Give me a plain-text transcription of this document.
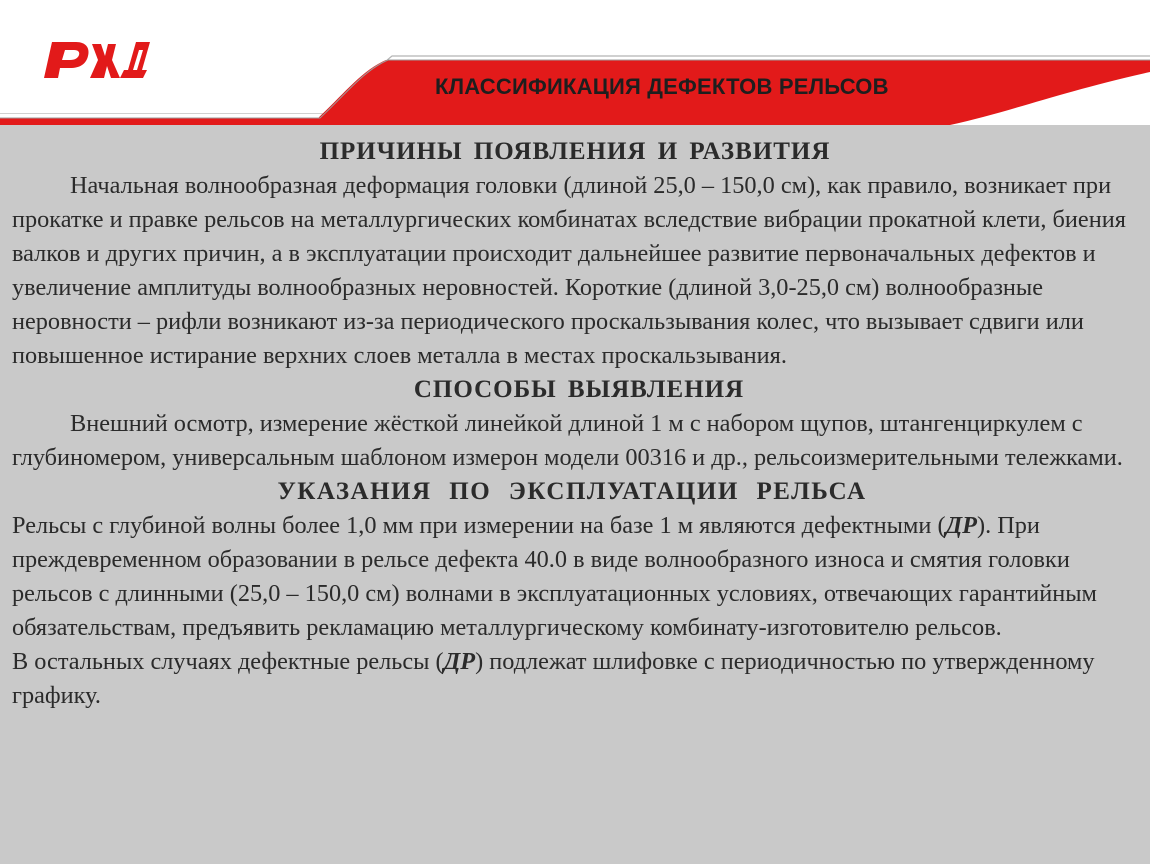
КЛАССИФИКАЦИЯ ДЕФЕКТОВ РЕЛЬСОВ
ПРИЧИНЫ ПОЯВЛЕНИЯ И РАЗВИТИЯ

Начальная волнообразная деформация головки (длиной 25,0 – 150,0 см), как правило, возникает при прокатке и правке рельсов на металлургических комбинатах вследствие вибрации прокатной клети, биения валков и других причин, а в эксплуатации происходит дальнейшее развитие первоначальных дефектов и увеличение амплитуды волнообразных неровностей. Короткие (длиной 3,0-25,0 см) волнообразные неровности – рифли возникают из-за периодического проскальзывания колес, что вызывает сдвиги или повышенное истирание верхних слоев металла в местах проскальзывания.

СПОСОБЫ ВЫЯВЛЕНИЯ

Внешний осмотр, измерение жёсткой линейкой длиной 1 м с набором щупов, штангенциркулем с глубиномером, универсальным шаблоном измерон модели 00316 и др., рельсоизмерительными тележками.

УКАЗАНИЯ ПО ЭКСПЛУАТАЦИИ РЕЛЬСА

Рельсы с глубиной волны более 1,0 мм при измерении на базе 1 м являются дефектными (ДР). При преждевременном образовании в рельсе дефекта 40.0 в виде волнообразного износа и смятия головки рельсов с длинными (25,0 – 150,0 см) волнами в эксплуатационных условиях, отвечающих гарантийным обязательствам, предъявить рекламацию металлургическому комбинату-изготовителю рельсов.

В остальных случаях дефектные рельсы (ДР) подлежат шлифовке с периодичностью по утвержденному графику.
